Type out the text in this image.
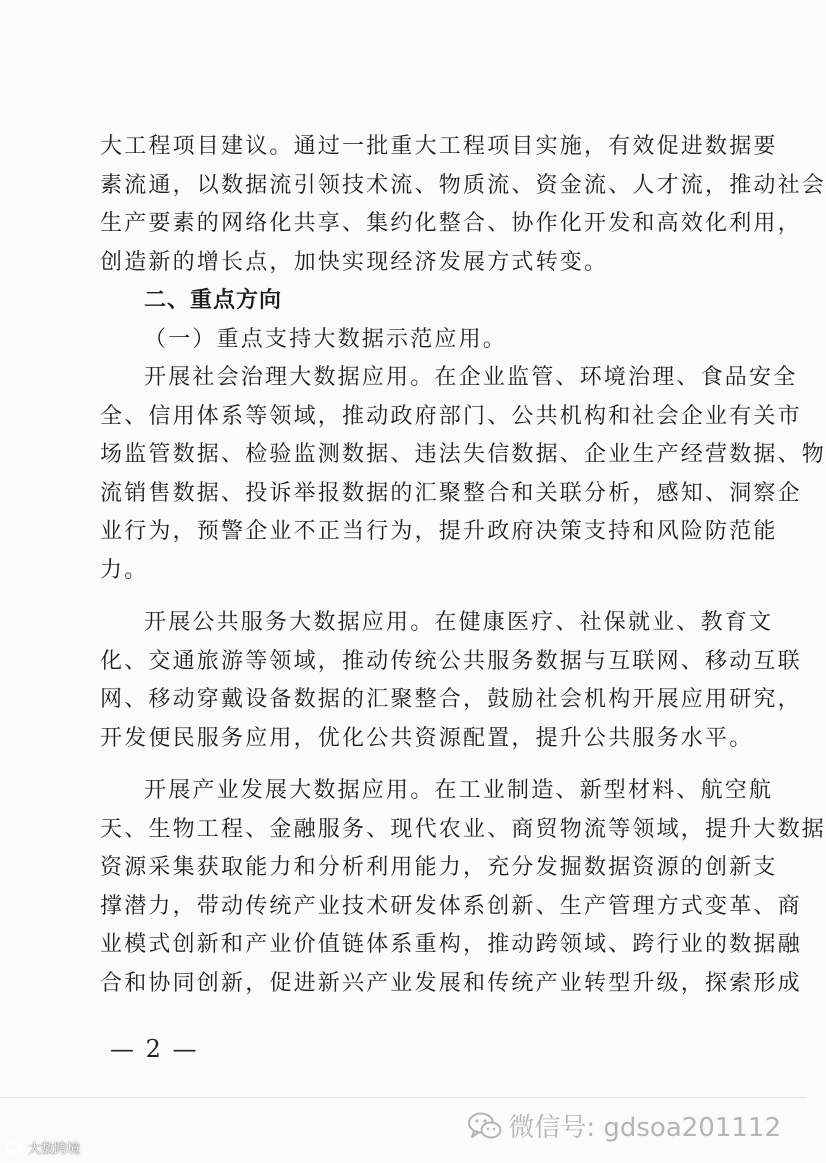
大工程项目建议。通过一批重大工程项目实施，有效促进数据要
素流通，以数据流引领技术流、物质流、资金流、人才流，推动社会
生产要素的网络化共享、集约化整合、协作化开发和高效化利用，
创造新的增长点，加快实现经济发展方式转变。
二、重点方向
（一）重点支持大数据示范应用。
开展社会治理大数据应用。在企业监管、环境治理、食品安全
全、信用体系等领域，推动政府部门、公共机构和社会企业有关市
场监管数据、检验监测数据、违法失信数据、企业生产经营数据、物
流销售数据、投诉举报数据的汇聚整合和关联分析，感知、洞察企
业行为，预警企业不正当行为，提升政府决策支持和风险防范能
力。
开展公共服务大数据应用。在健康医疗、社保就业、教育文
化、交通旅游等领域，推动传统公共服务数据与互联网、移动互联
网、移动穿戴设备数据的汇聚整合，鼓励社会机构开展应用研究，
开发便民服务应用，优化公共资源配置，提升公共服务水平。
开展产业发展大数据应用。在工业制造、新型材料、航空航
天、生物工程、金融服务、现代农业、商贸物流等领域，提升大数据
资源采集获取能力和分析利用能力，充分发掘数据资源的创新支
撑潜力，带动传统产业技术研发体系创新、生产管理方式变革、商
业模式创新和产业价值链体系重构，推动跨领域、跨行业的数据融
合和协同创新，促进新兴产业发展和传统产业转型升级，探索形成
— 2 —
微信号: gdsoa201112
大数跨境
